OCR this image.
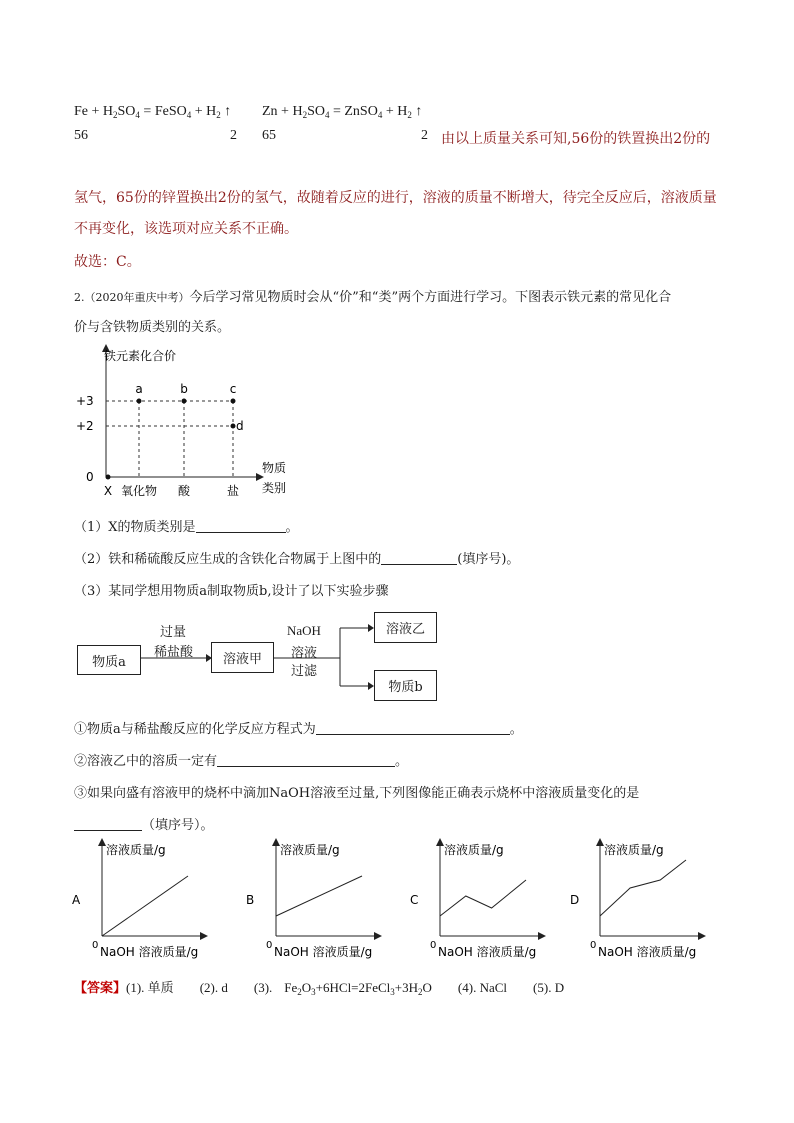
$Fe + H_2SO_4$ = FeSO$_4$ + $H_2$ ↑ $Zn + H_2SO_4$ = ZnSO$_4$ + $H_2$ ↑
56	2 65	2 由以上质量关系可知,56份的铁置换出2份的
氢气，65份的锌置换出2份的氢气，故随着反应的进行，溶液的质量不断增大，待完全反应后，溶液质量
不再变化，该选项对应关系不正确。
故选：C。
2.（2020年重庆中考）今后学习常见物质时会从“价”和“类”两个方面进行学习。下图表示铁元素的常见化合
价与含铁物质类别的关系。
铁元素化合价
物质
类别
+3
+2
0
X 氧化物 酸	盐
a	b	c
d
（1）X的物质类别是	。
（2）铁和稀硫酸反应生成的含铁化合物属于上图中的	(填序号)。
（3）某同学想用物质a制取物质b,设计了以下实验步骤
物质a	溶液甲
溶液乙
物质b
过量
稀盐酸
NaOH
溶液
过滤
①物质a与稀盐酸反应的化学反应方程式为	。
②溶液乙中的溶质一定有	。
③如果向盛有溶液甲的烧杯中滴加NaOH溶液至过量,下列图像能正确表示烧杯中溶液质量变化的是
（填序号）。
A
溶液质量/g
NaOH 溶液质量/g
0
B
溶液质量/g
NaOH 溶液质量/g
0
C
溶液质量/g
NaOH 溶液质量/g
0
D
溶液质量/g
NaOH 溶液质量/g
0
【答案】(1). 单质 (2). d (3). $Fe_2O_3+6HCl=2FeCl_3+3H_2O$ (4). NaCl (5). D
